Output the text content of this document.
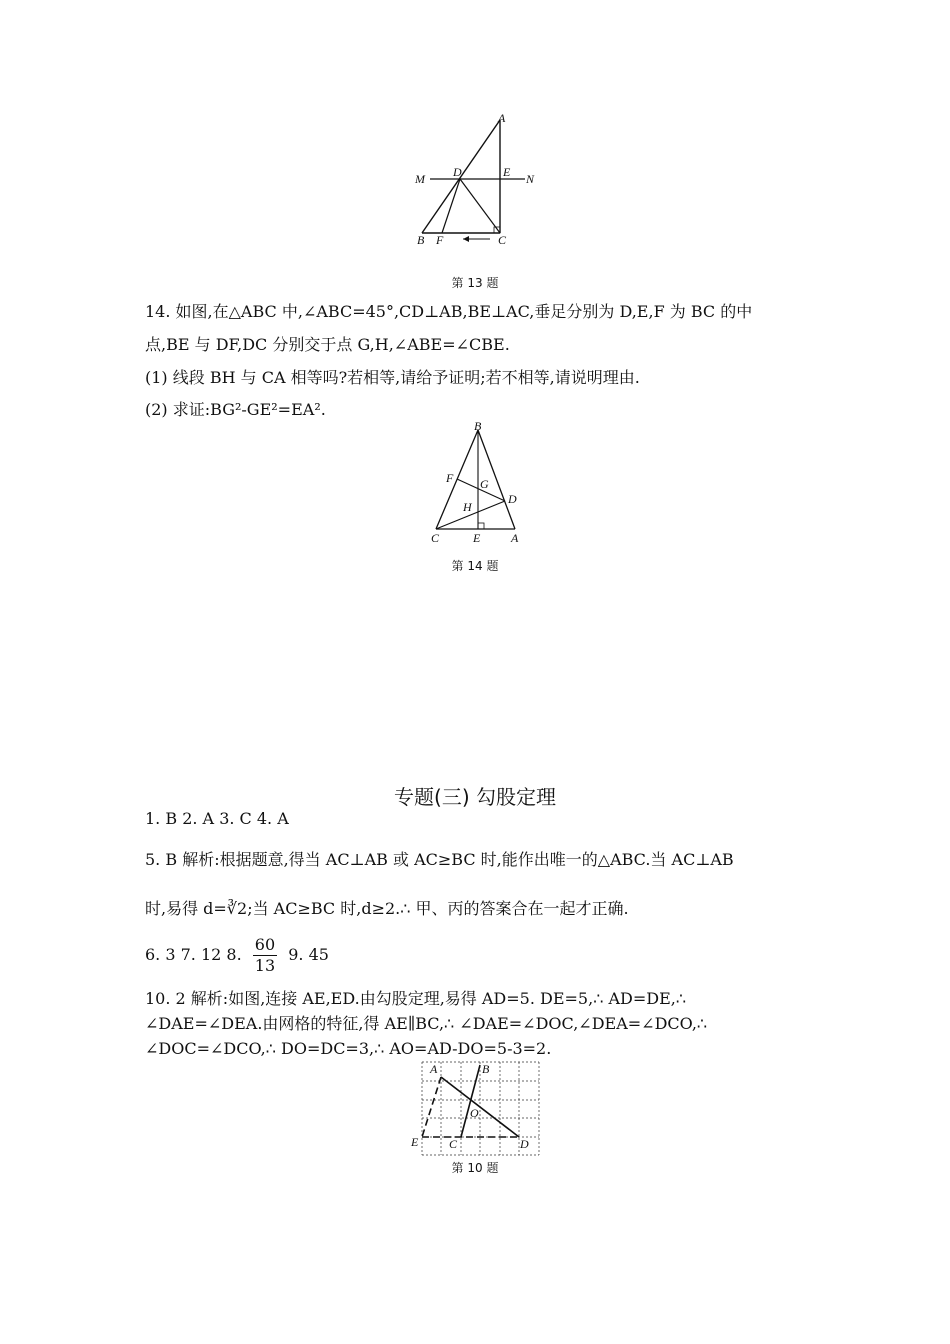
A
M D	E N
B F	C
第 13 题
14. 如图,在△ABC 中,∠ABC=45°,CD⊥AB,BE⊥AC,垂足分别为 D,E,F 为 BC 的中
点,BE 与 DF,DC 分别交于点 G,H,∠ABE=∠CBE.
(1) 线段 BH 与 CA 相等吗?若相等,请给予证明;若不相等,请说明理由.
(2) 求证:BG²-GE²=EA².
B
F G
D
H
C	E	A
第 14 题
专题(三) 勾股定理
1. B 2. A 3. C 4. A
5. B 解析:根据题意,得当 AC⊥AB 或 AC≥BC 时,能作出唯一的△ABC.当 AC⊥AB
时,易得 d=∛2;当 AC≥BC 时,d≥2.∴ 甲、丙的答案合在一起才正确.
6. 3 7. 12 8. $\frac{60}{13} 9$. 45
10. 2 解析:如图,连接 AE,ED.由勾股定理,易得 AD=5. DE=5,∴ AD=DE,∴
∠DAE=∠DEA.由网格的特征,得 AE∥BC,∴ ∠DAE=∠DOC,∠DEA=∠DCO,∴
∠DOC=∠DCO,∴ DO=DC=3,∴ AO=AD-DO=5-3=2.
A	B
O
E	C	D
第 10 题
